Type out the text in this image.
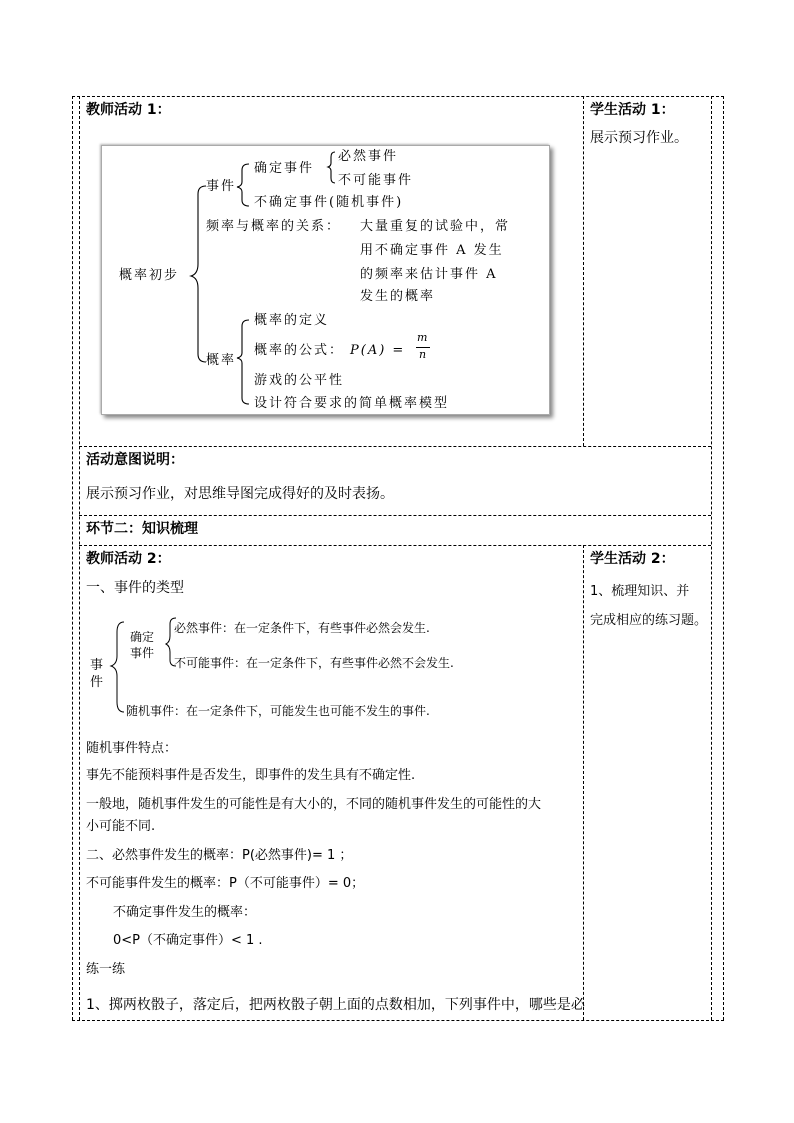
教师活动 1：	学生活动 1：
展示预习作业。
概率初步
事件
确定事件
必然事件
不可能事件
不确定事件(随机事件)
频率与概率的关系： 大量重复的试验中，常
用不确定事件 A 发生
的频率来估计事件 A
发生的概率
概率
概率的定义
概率的公式： P(A) =
m
n
游戏的公平性
设计符合要求的简单概率模型
活动意图说明：
展示预习作业，对思维导图完成得好的及时表扬。
环节二：知识梳理
教师活动 2：
一、事件的类型
事
件
确定
事件
必然事件：在一定条件下，有些事件必然会发生.
不可能事件：在一定条件下，有些事件必然不会发生.
随机事件：在一定条件下，可能发生也可能不发生的事件.
随机事件特点：
事先不能预料事件是否发生，即事件的发生具有不确定性.
一般地，随机事件发生的可能性是有大小的，不同的随机事件发生的可能性的大
小可能不同.
二、必然事件发生的概率：P(必然事件)= 1 ；
不可能事件发生的概率：P（不可能事件）= 0；
不确定事件发生的概率：
0<P（不确定事件）< 1 .
练一练
1、掷两枚骰子，落定后，把两枚骰子朝上面的点数相加，下列事件中，哪些是必
学生活动 2：
1、梳理知识、并
完成相应的练习题。
